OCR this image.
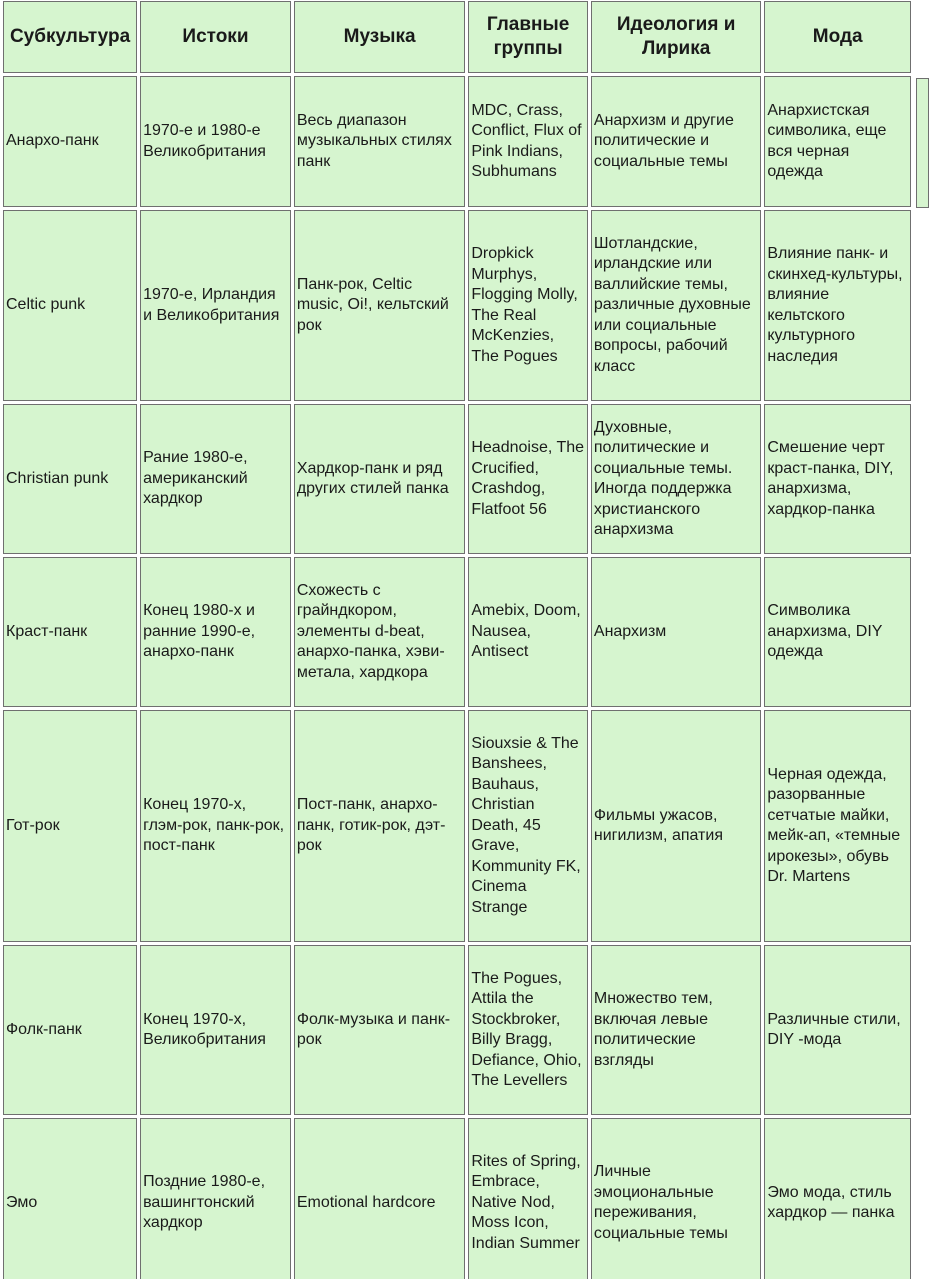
Субкультура	Истоки	Музыка	Главные группы	Идеология и Лирика	Мода
Анархо-панк	1970-е и 1980-е Великобритания	Весь диапазон музыкальных стилях панк	MDC, Crass, Conflict, Flux of Pink Indians, Subhumans	Анархизм и другие политические и социальные темы	Анархистская символика, еще вся черная одежда
Celtic punk	1970-е, Ирландия и Великобритания	Панк-рок, Celtic music, Oi!, кельтский рок	Dropkick Murphys, Flogging Molly, The Real McKenzies, The Pogues	Шотландские, ирландские или валлийские темы, различные духовные или социальные вопросы, рабочий класс	Влияние панк- и скинхед-культуры, влияние кельтского культурного наследия
Christian punk	Рание 1980-е, американский хардкор	Хардкор-панк и ряд других стилей панка	Headnoise, The Crucified, Crashdog, Flatfoot 56	Духовные, политические и социальные темы. Иногда поддержка христианского анархизма	Смешение черт краст-панка, DIY, анархизма, хардкор-панка
Краст-панк	Конец 1980-х и ранние 1990-е, анархо-панк	Схожесть с грайндкором, элементы d-beat, анархо-панка, хэви-метала, хардкора	Amebix, Doom, Nausea, Antisect	Анархизм	Символика анархизма, DIY одежда
Гот-рок	Конец 1970-х, глэм-рок, панк-рок, пост-панк	Пост-панк, анархо-панк, готик-рок, дэт-рок	Siouxsie & The Banshees, Bauhaus, Christian Death, 45 Grave, Kommunity FK, Cinema Strange	Фильмы ужасов, нигилизм, апатия	Черная одежда, разорванные сетчатые майки, мейк-ап, «темные ирокезы», обувь Dr. Martens
Фолк-панк	Конец 1970-х, Великобритания	Фолк-музыка и панк-рок	The Pogues, Attila the Stockbroker, Billy Bragg, Defiance, Ohio, The Levellers	Множество тем, включая левые политические взгляды	Различные стили, DIY -мода
Эмо	Поздние 1980-е, вашингтонский хардкор	Emotional hardcore	Rites of Spring, Embrace, Native Nod, Moss Icon, Indian Summer	Личные эмоциональные переживания, социальные темы	Эмо мода, стиль хардкор — панка
